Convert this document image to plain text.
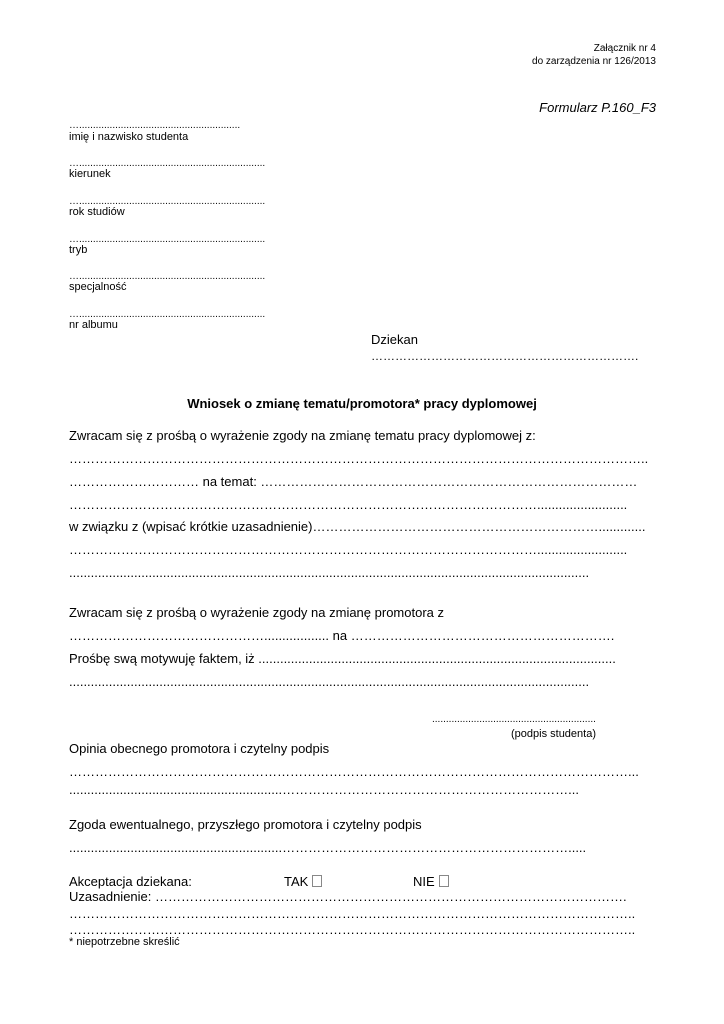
Załącznik nr 4
do zarządzenia nr 126/2013
Formularz P.160_F3
…..........................................................
imię i nazwisko studenta
…...................................................................
kierunek
…...................................................................
rok studiów
…...................................................................
tryb
…...................................................................
specjalność
…...................................................................
nr albumu
Dziekan
………………………………………………………….
Wniosek o zmianę tematu/promotora* pracy dyplomowej
Zwracam się z prośbą o wyrażenie zgody na zmianę tematu pracy dyplomowej z:
……………………………………………………………………………………………………………………..
………………………… na temat: ……………………………………………………………………………
……………………………………………………………………………………………….........................
w związku z (wpisać krótkie uzasadnienie)………………………………………………………….............
……………………………………………………………………………………………….........................
................................................................................................................................................
Zwracam się z prośbą o wyrażenie zgody na zmianę promotora z
……………………………………….................. na …………………………………………………….
Prośbę swą motywuję faktem, iż ...................................................................................................
................................................................................................................................................
...........................................................
(podpis studenta)
Opinia obecnego promotora i czytelny podpis
…………………………………………………………………………………………………………………...
...........................................................…………………………………………………………...
Zgoda ewentualnego, przyszłego promotora i czytelny podpis
...........................................................………………………………………………………….....
Akceptacja dziekana:	TAK	NIE
Uzasadnienie: ……………………………………………………………………………………………….
…………………………………………………………………………………………………………………..
…………………………………………………………………………………………………………………..
* niepotrzebne skreślić
